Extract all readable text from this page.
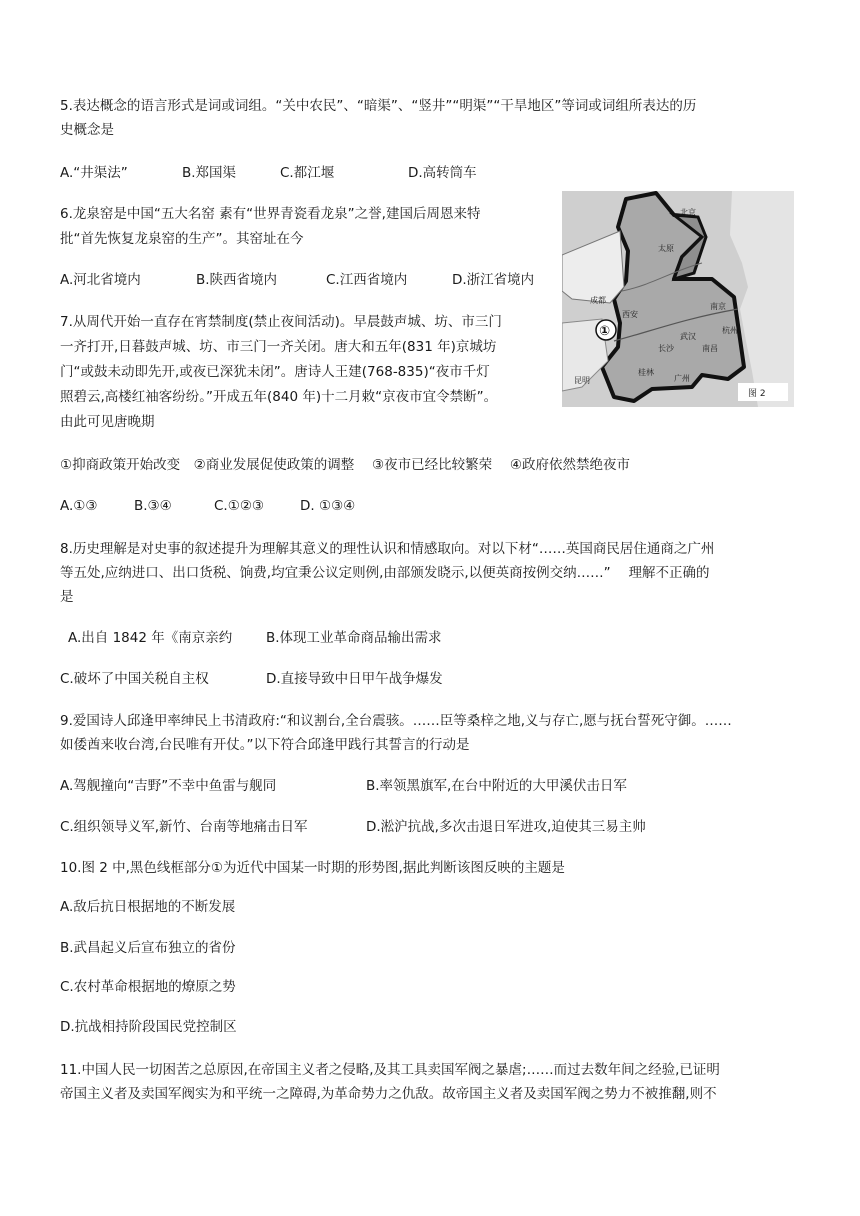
5.表达概念的语言形式是词或词组。“关中农民”、“暗渠”、“竖井”“明渠”“干旱地区”等词或词组所表达的历

史概念是

A.“井渠法”	B.郑国渠	C.都江堰	D.高转筒车

6.龙泉窑是中国“五大名窑 素有“世界青瓷看龙泉”之誉,建国后周恩来特

批“首先恢复龙泉窑的生产”。其窑址在今

A.河北省境内	B.陕西省境内	C.江西省境内	D.浙江省境内

7.从周代开始一直存在宵禁制度(禁止夜间活动)。早晨鼓声城、坊、市三门

一齐打开,日暮鼓声城、坊、市三门一齐关闭。唐大和五年(831 年)京城坊

门“或鼓未动即先开,或夜已深犹未闭”。唐诗人王建(768-835)“夜市千灯

照碧云,高楼红袖客纷纷。”开成五年(840 年)十二月敕“京夜市宜令禁断”。

由此可见唐晚期

①抑商政策开始改变　②商业发展促使政策的调整　 ③夜市已经比较繁荣　 ④政府依然禁绝夜市

A.①③	B.③④	C.①②③	D. ①③④

8.历史理解是对史事的叙述提升为理解其意义的理性认识和情感取向。对以下材“……英国商民居住通商之广州

等五处,应纳进口、出口货税、饷费,均宜秉公议定则例,由部颁发晓示,以便英商按例交纳……”　 理解不正确的

是

A.出自 1842 年《南京亲约	B.体现工业革命商品输出需求
C.破坏了中国关税自主权	D.直接导致中日甲午战争爆发

9.爱国诗人邱逢甲率绅民上书清政府:“和议割台,全台震骇。……臣等桑梓之地,义与存亡,愿与抚台誓死守御。……

如倭酋来收台湾,台民唯有开仗。”以下符合邱逢甲践行其誓言的行动是

A.驾舰撞向“吉野”不幸中鱼雷与舰同	B.率领黑旗军,在台中附近的大甲溪伏击日军
C.组织领导义军,新竹、台南等地痛击日军	D.淞沪抗战,多次击退日军进攻,迫使其三易主帅

10.图 2 中,黑色线框部分①为近代中国某一时期的形势图,据此判断该图反映的主题是

A.敌后抗日根据地的不断发展

B.武昌起义后宣布独立的省份

C.农村革命根据地的燎原之势

D.抗战相持阶段国民党控制区

11.中国人民一切困苦之总原因,在帝国主义者之侵略,及其工具卖国军阀之暴虐;……而过去数年间之经验,已证明

帝国主义者及卖国军阀实为和平统一之障碍,为革命势力之仇敌。故帝国主义者及卖国军阀之势力不被推翻,则不

北京
太原
西安
成都
武汉
长沙	南昌
南京
杭州
昆明
桂林
广州
①
图 2
